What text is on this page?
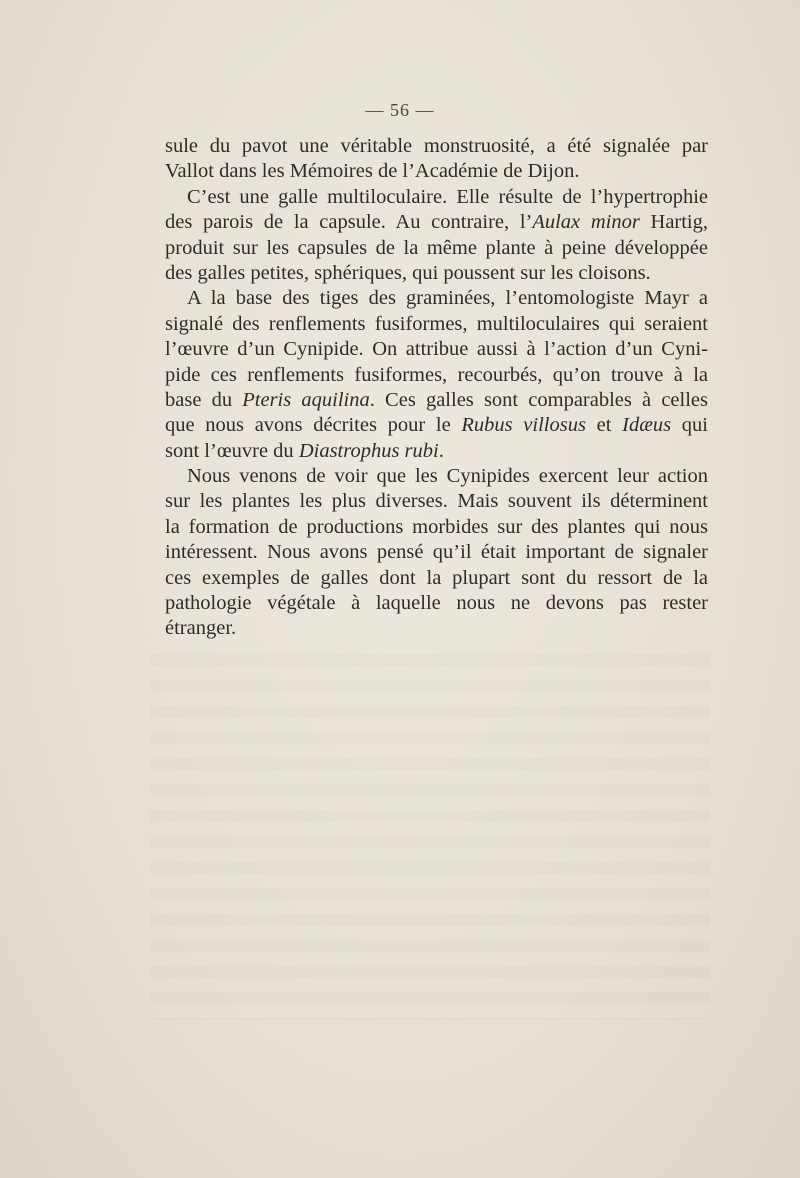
— 56 —
sule du pavot une véritable monstruosité, a été signalée par
Vallot dans les Mémoires de l’Académie de Dijon.
C’est une galle multiloculaire. Elle résulte de l’hypertrophie
des parois de la capsule. Au contraire, l’Aulax minor Hartig,
produit sur les capsules de la même plante à peine développée
des galles petites, sphériques, qui poussent sur les cloisons.
A la base des tiges des graminées, l’entomologiste Mayr a
signalé des renflements fusiformes, multiloculaires qui seraient
l’œuvre d’un Cynipide. On attribue aussi à l’action d’un Cyni-
pide ces renflements fusiformes, recourbés, qu’on trouve à la
base du Pteris aquilina. Ces galles sont comparables à celles
que nous avons décrites pour le Rubus villosus et Idæus qui
sont l’œuvre du Diastrophus rubi.
Nous venons de voir que les Cynipides exercent leur action
sur les plantes les plus diverses. Mais souvent ils déterminent
la formation de productions morbides sur des plantes qui nous
intéressent. Nous avons pensé qu’il était important de signaler
ces exemples de galles dont la plupart sont du ressort de la
pathologie végétale à laquelle nous ne devons pas rester
étranger.
